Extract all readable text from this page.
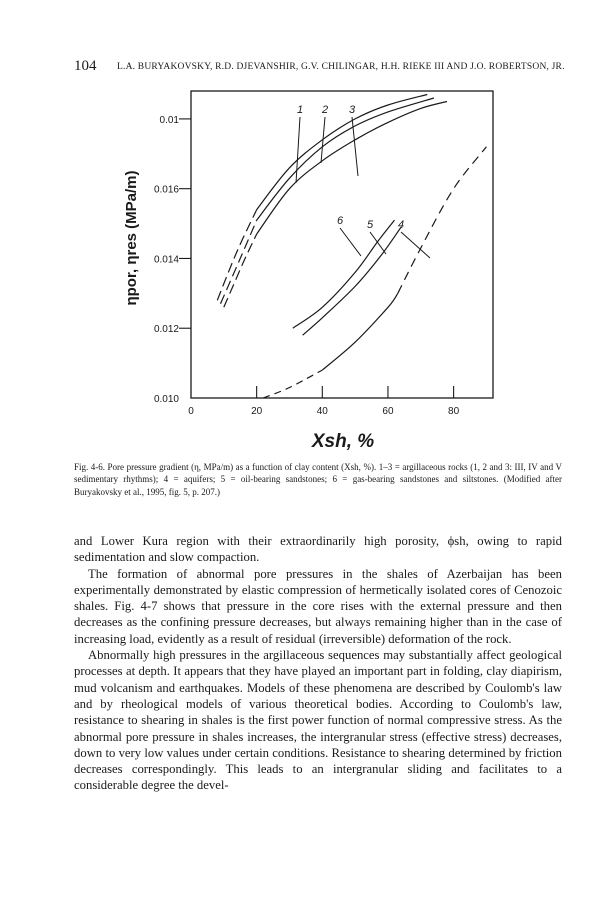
104 L.A. BURYAKOVSKY, R.D. DJEVANSHIR, G.V. CHILINGAR, H.H. RIEKE III AND J.O. ROBERTSON, JR.
0.010
0.012
0.014
0.016
0.01
0	20	40	60	80
1 2 3
4
5
6
ηpor, ηres (MPa/m)
Xsh, %
Fig. 4-6. Pore pressure gradient (η, MPa/m) as a function of clay content (Xsh, %). 1–3 = argillaceous rocks (1, 2 and 3: III, IV and V sedimentary rhythms); 4 = aquifers; 5 = oil-bearing sandstones; 6 = gas-bearing sandstones and siltstones. (Modified after Buryakovsky et al., 1995, fig. 5, p. 207.)

and Lower Kura region with their extraordinarily high porosity, ϕsh, owing to rapid sedimentation and slow compaction.

The formation of abnormal pore pressures in the shales of Azerbaijan has been experimentally demonstrated by elastic compression of hermetically isolated cores of Cenozoic shales. Fig. 4-7 shows that pressure in the core rises with the external pressure and then decreases as the confining pressure decreases, but always remaining higher than in the case of increasing load, evidently as a result of residual (irreversible) deformation of the rock.

Abnormally high pressures in the argillaceous sequences may substantially affect geological processes at depth. It appears that they have played an important part in folding, clay diapirism, mud volcanism and earthquakes. Models of these phenomena are described by Coulomb's law and by rheological models of various theoretical bodies. According to Coulomb's law, resistance to shearing in shales is the first power function of normal compressive stress. As the abnormal pore pressure in shales increases, the intergranular stress (effective stress) decreases, down to very low values under certain conditions. Resistance to shearing determined by friction decreases correspondingly. This leads to an intergranular sliding and facilitates to a considerable degree the devel-
